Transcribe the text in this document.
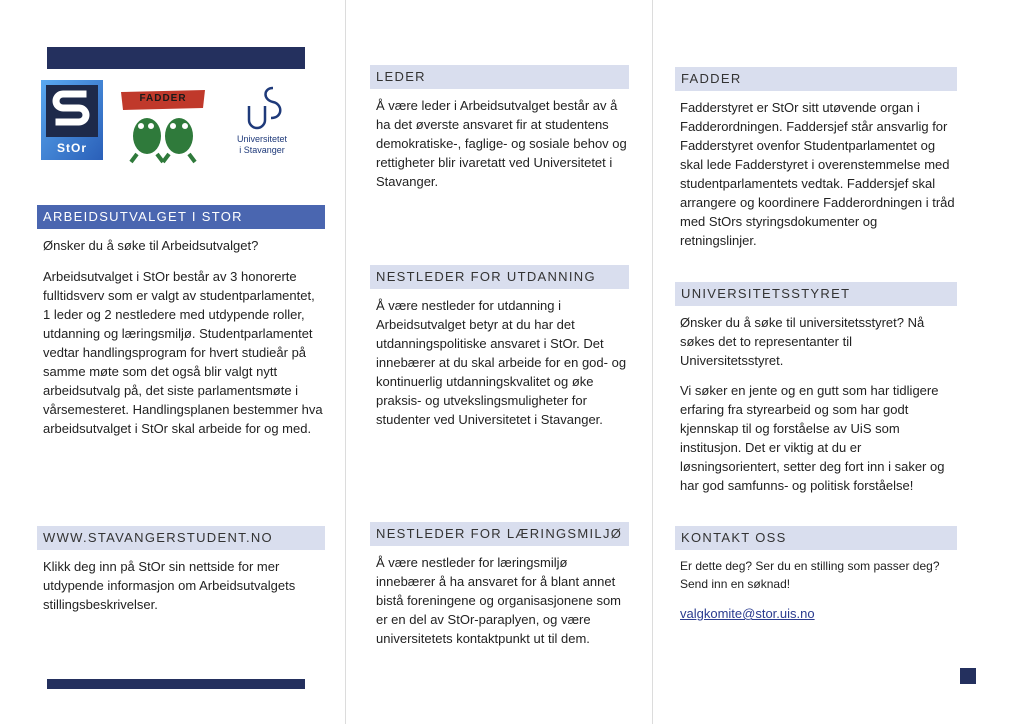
StOr
FADDER
Universitetet
i Stavanger
ARBEIDSUTVALGET I STOR

Ønsker du å søke til Arbeidsutvalget?

Arbeidsutvalget i StOr består av 3 honorerte fulltidsverv som er valgt av studentparlamentet, 1 leder og 2 nestledere med utdypende roller, utdanning og læringsmiljø. Studentparlamentet vedtar handlingsprogram for hvert studieår på samme møte som det også blir valgt nytt arbeidsutvalg på, det siste parlamentsmøte i vårsemesteret. Handlingsplanen bestemmer hva arbeidsutvalget i StOr skal arbeide for og med.

WWW.STAVANGERSTUDENT.NO

Klikk deg inn på StOr sin nettside for mer utdypende informasjon om Arbeidsutvalgets stillingsbeskrivelser.

LEDER

Å være leder i Arbeidsutvalget består av å ha det øverste ansvaret fir at studentens demokratiske-, faglige- og sosiale behov og rettigheter blir ivaretatt ved Universitetet i Stavanger.

NESTLEDER FOR UTDANNING

Å være nestleder for utdanning i Arbeidsutvalget betyr at du har det utdanningspolitiske ansvaret i StOr. Det innebærer at du skal arbeide for en god- og kontinuerlig utdanningskvalitet og øke praksis- og utvekslingsmuligheter for studenter ved Universitetet i Stavanger.

NESTLEDER FOR LÆRINGSMILJØ

Å være nestleder for læringsmiljø innebærer å ha ansvaret for å blant annet bistå foreningene og organisasjonene som er en del av StOr-paraplyen, og være universitetets kontaktpunkt ut til dem.

FADDER

Fadderstyret er StOr sitt utøvende organ i Fadderordningen. Faddersjef står ansvarlig for Fadderstyret ovenfor Studentparlamentet og skal lede Fadderstyret i overenstemmelse med studentparlamentets vedtak. Faddersjef skal arrangere og koordinere Fadderordningen i tråd med StOrs styringsdokumenter og retningslinjer.

UNIVERSITETSSTYRET

Ønsker du å søke til universitetsstyret? Nå søkes det to representanter til Universitetsstyret.

Vi søker en jente og en gutt som har tidligere erfaring fra styrearbeid og som har godt kjennskap til og forståelse av UiS som institusjon. Det er viktig at du er løsningsorientert, setter deg fort inn i saker og har god samfunns- og politisk forståelse!

KONTAKT OSS

Er dette deg? Ser du en stilling som passer deg? Send inn en søknad!

valgkomite@stor.uis.no
